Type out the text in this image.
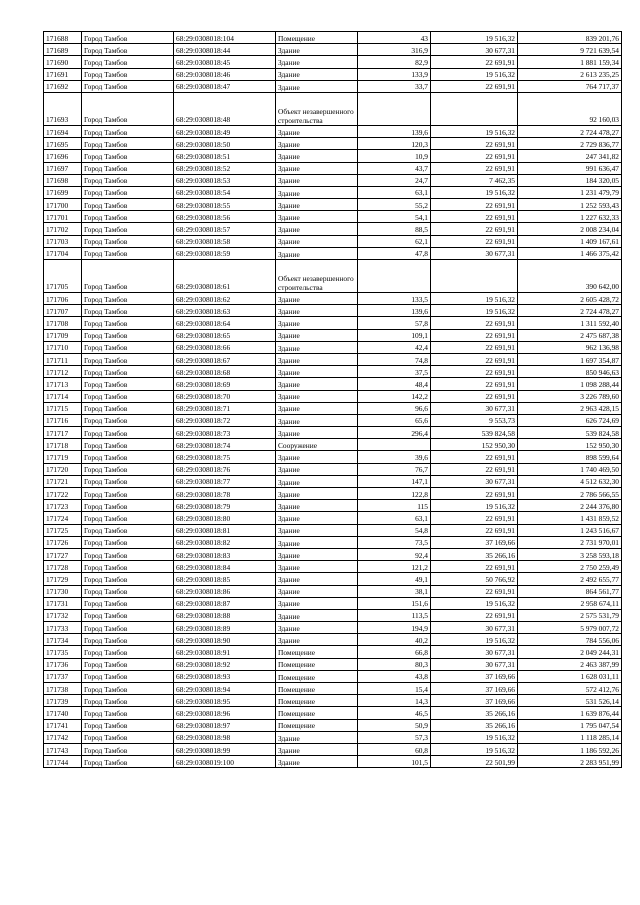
171688	Город Тамбов	68:29:0308018:104	Помещение	43	19 516,32	839 201,76
171689	Город Тамбов	68:29:0308018:44	Здание	316,9	30 677,31	9 721 639,54
171690	Город Тамбов	68:29:0308018:45	Здание	82,9	22 691,91	1 881 159,34
171691	Город Тамбов	68:29:0308018:46	Здание	133,9	19 516,32	2 613 235,25
171692	Город Тамбов	68:29:0308018:47	Здание	33,7	22 691,91	764 717,37
171693	Город Тамбов	68:29:0308018:48	Объект незавершенного строительства			92 160,03
171694	Город Тамбов	68:29:0308018:49	Здание	139,6	19 516,32	2 724 478,27
171695	Город Тамбов	68:29:0308018:50	Здание	120,3	22 691,91	2 729 836,77
171696	Город Тамбов	68:29:0308018:51	Здание	10,9	22 691,91	247 341,82
171697	Город Тамбов	68:29:0308018:52	Здание	43,7	22 691,91	991 636,47
171698	Город Тамбов	68:29:0308018:53	Здание	24,7	7 462,35	184 320,05
171699	Город Тамбов	68:29:0308018:54	Здание	63,1	19 516,32	1 231 479,79
171700	Город Тамбов	68:29:0308018:55	Здание	55,2	22 691,91	1 252 593,43
171701	Город Тамбов	68:29:0308018:56	Здание	54,1	22 691,91	1 227 632,33
171702	Город Тамбов	68:29:0308018:57	Здание	88,5	22 691,91	2 008 234,04
171703	Город Тамбов	68:29:0308018:58	Здание	62,1	22 691,91	1 409 167,61
171704	Город Тамбов	68:29:0308018:59	Здание	47,8	30 677,31	1 466 375,42
171705	Город Тамбов	68:29:0308018:61	Объект незавершенного строительства			390 642,00
171706	Город Тамбов	68:29:0308018:62	Здание	133,5	19 516,32	2 605 428,72
171707	Город Тамбов	68:29:0308018:63	Здание	139,6	19 516,32	2 724 478,27
171708	Город Тамбов	68:29:0308018:64	Здание	57,8	22 691,91	1 311 592,40
171709	Город Тамбов	68:29:0308018:65	Здание	109,1	22 691,91	2 475 687,38
171710	Город Тамбов	68:29:0308018:66	Здание	42,4	22 691,91	962 136,98
171711	Город Тамбов	68:29:0308018:67	Здание	74,8	22 691,91	1 697 354,87
171712	Город Тамбов	68:29:0308018:68	Здание	37,5	22 691,91	850 946,63
171713	Город Тамбов	68:29:0308018:69	Здание	48,4	22 691,91	1 098 288,44
171714	Город Тамбов	68:29:0308018:70	Здание	142,2	22 691,91	3 226 789,60
171715	Город Тамбов	68:29:0308018:71	Здание	96,6	30 677,31	2 963 428,15
171716	Город Тамбов	68:29:0308018:72	Здание	65,6	9 553,73	626 724,69
171717	Город Тамбов	68:29:0308018:73	Здание	296,4	539 824,58	539 824,58
171718	Город Тамбов	68:29:0308018:74	Сооружение		152 950,30	152 950,30
171719	Город Тамбов	68:29:0308018:75	Здание	39,6	22 691,91	898 599,64
171720	Город Тамбов	68:29:0308018:76	Здание	76,7	22 691,91	1 740 469,50
171721	Город Тамбов	68:29:0308018:77	Здание	147,1	30 677,31	4 512 632,30
171722	Город Тамбов	68:29:0308018:78	Здание	122,8	22 691,91	2 786 566,55
171723	Город Тамбов	68:29:0308018:79	Здание	115	19 516,32	2 244 376,80
171724	Город Тамбов	68:29:0308018:80	Здание	63,1	22 691,91	1 431 859,52
171725	Город Тамбов	68:29:0308018:81	Здание	54,8	22 691,91	1 243 516,67
171726	Город Тамбов	68:29:0308018:82	Здание	73,5	37 169,66	2 731 970,01
171727	Город Тамбов	68:29:0308018:83	Здание	92,4	35 266,16	3 258 593,18
171728	Город Тамбов	68:29:0308018:84	Здание	121,2	22 691,91	2 750 259,49
171729	Город Тамбов	68:29:0308018:85	Здание	49,1	50 766,92	2 492 655,77
171730	Город Тамбов	68:29:0308018:86	Здание	38,1	22 691,91	864 561,77
171731	Город Тамбов	68:29:0308018:87	Здание	151,6	19 516,32	2 958 674,11
171732	Город Тамбов	68:29:0308018:88	Здание	113,5	22 691,91	2 575 531,79
171733	Город Тамбов	68:29:0308018:89	Здание	194,9	30 677,31	5 979 007,72
171734	Город Тамбов	68:29:0308018:90	Здание	40,2	19 516,32	784 556,06
171735	Город Тамбов	68:29:0308018:91	Помещение	66,8	30 677,31	2 049 244,31
171736	Город Тамбов	68:29:0308018:92	Помещение	80,3	30 677,31	2 463 387,99
171737	Город Тамбов	68:29:0308018:93	Помещение	43,8	37 169,66	1 628 031,11
171738	Город Тамбов	68:29:0308018:94	Помещение	15,4	37 169,66	572 412,76
171739	Город Тамбов	68:29:0308018:95	Помещение	14,3	37 169,66	531 526,14
171740	Город Тамбов	68:29:0308018:96	Помещение	46,5	35 266,16	1 639 876,44
171741	Город Тамбов	68:29:0308018:97	Помещение	50,9	35 266,16	1 795 047,54
171742	Город Тамбов	68:29:0308018:98	Здание	57,3	19 516,32	1 118 285,14
171743	Город Тамбов	68:29:0308018:99	Здание	60,8	19 516,32	1 186 592,26
171744	Город Тамбов	68:29:0308019:100	Здание	101,5	22 501,99	2 283 951,99
